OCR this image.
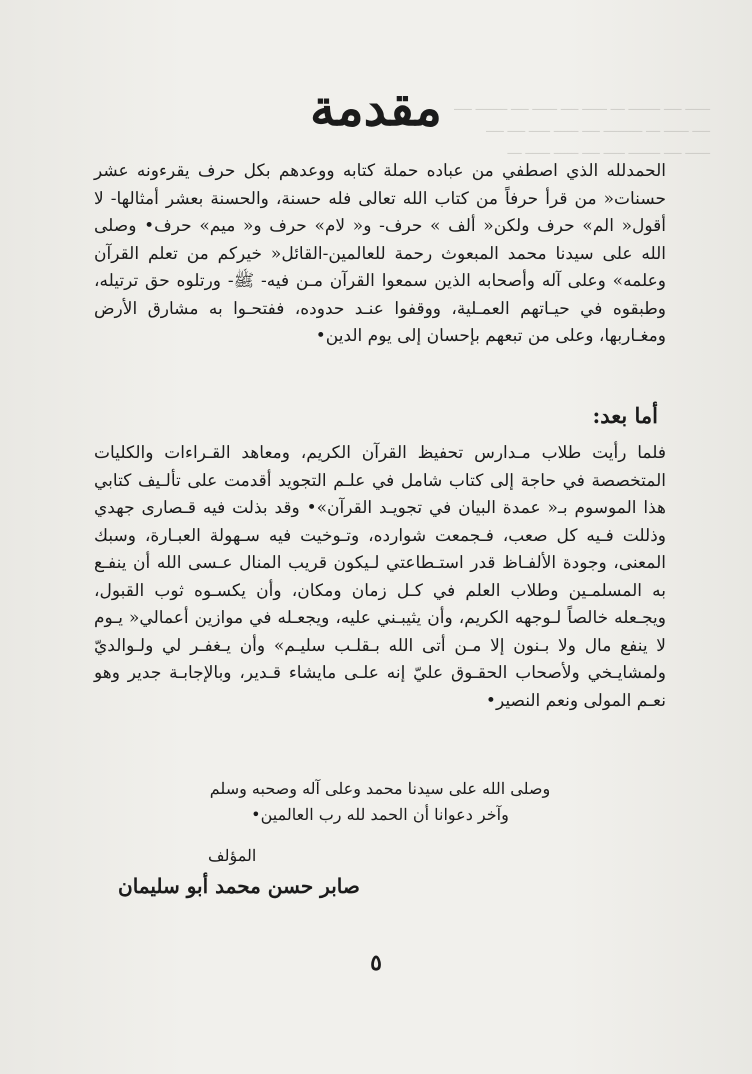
ـــــــ ـــــ ـــــــــ ــــ ـــــــ ـــــ ـــــــ ـــــ ـــــــــ ـــــ
ـــــ ـــــــ ــــ ـــــــــــ ـــــ ـــــــ ــــــ ـــــ ـــــ
ـــــــ ـــــ ـــــــــ ــــــ ـــــ ـــــــ ـــــــ ــــ
مقدمة
الحمدلله الذي اصطفي من عباده حملة كتابه ووعدهم بكل حرف يقرءونه عشر حسنات« من قرأ حرفاً من كتاب الله تعالى فله حسنة، والحسنة بعشر أمثالها- لا أقول« الم» حرف ولكن« ألف » حرف- و« لام» حرف و« ميم» حرف• وصلى الله على سيدنا محمد المبعوث رحمة للعالمين-القائل« خيركم من تعلم القرآن وعلمه» وعلى آله وأصحابه الذين سمعوا القرآن مـن فيه- ﷺ- ورتلوه حق ترتيله، وطبقوه في حيـاتهم العمـلية، ووقفوا عنـد حدوده، ففتحـوا به مشارق الأرض ومغـاربها، وعلى من تبعهم بإحسان إلى يوم الدين•
أما بعد:
فلما رأيت طلاب مـدارس تحفيظ القرآن الكريم، ومعاهد القـراءات والكليات المتخصصة في حاجة إلى كتاب شامل في علـم التجويد أقدمت على تألـيف كتابي هذا الموسوم بـ« عمدة البيان في تجويـد القرآن»• وقد بذلت فيه قـصارى جهدي وذللت فـيه كل صعب، فـجمعت شوارده، وتـوخيت فيه سـهولة العبـارة، وسبك المعنى، وجودة الألفـاظ قدر استـطاعتي لـيكون قريب المنال عـسى الله أن ينفـع به المسلمـين وطلاب العلم في كـل زمان ومكان، وأن يكسـوه ثوب القبول، ويجـعله خالصاً لـوجهه الكريم، وأن يثيبـني عليه، ويجعـله في موازين أعمالي« يـوم لا ينفع مال ولا بـنون إلا مـن أتى الله بـقلـب سليـم» وأن يـغفـر لي ولـوالديّ ولمشايـخي ولأصحاب الحقـوق عليّ إنه علـى مايشاء قـدير، وبالإجابـة جدير وهو نعـم المولى ونعم النصير•
وصلى الله على سيدنا محمد وعلى آله وصحبه وسلم
وآخر دعوانا أن الحمد لله رب العالمين•
المؤلف
صابر حسن محمد أبو سليمان
٥
